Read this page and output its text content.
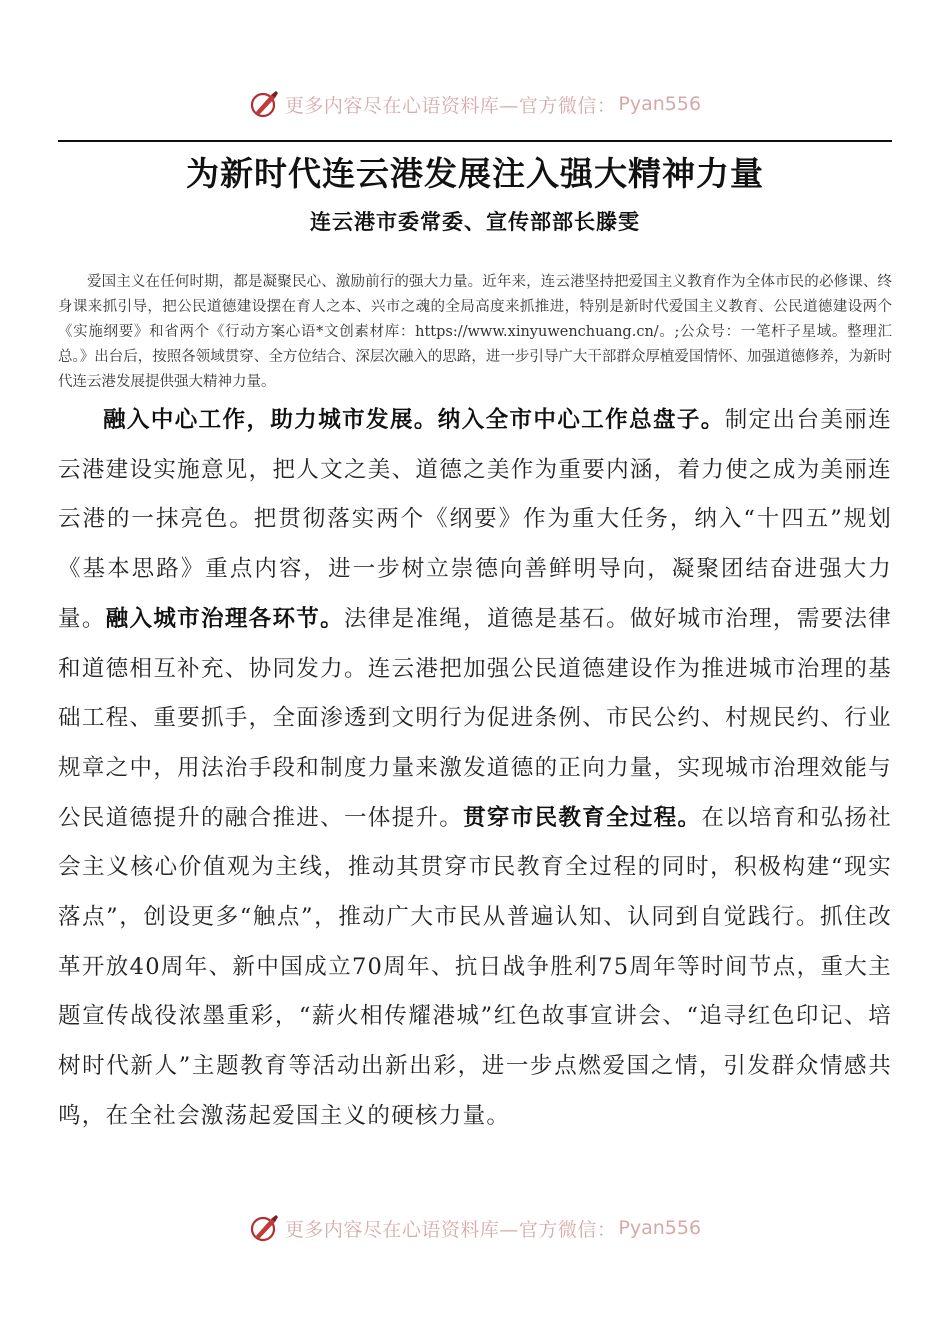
更多内容尽在心语资料库—官方微信： Pyan556
为新时代连云港发展注入强大精神力量
连云港市委常委、宣传部部长滕雯

爱国主义在任何时期，都是凝聚民心、激励前行的强大力量。近年来，连云港坚持把爱国主义教育作为全体市民的必修课、终身课来抓引导，把公民道德建设摆在育人之本、兴市之魂的全局高度来抓推进，特别是新时代爱国主义教育、公民道德建设两个《实施纲要》和省两个《行动方案心语*文创素材库：https://www.xinyuwenchuang.cn/。;公众号：一笔杆子星域。整理汇总。》出台后，按照各领域贯穿、全方位结合、深层次融入的思路，进一步引导广大干部群众厚植爱国情怀、加强道德修养，为新时代连云港发展提供强大精神力量。

融入中心工作，助力城市发展。纳入全市中心工作总盘子。制定出台美丽连云港建设实施意见，把人文之美、道德之美作为重要内涵，着力使之成为美丽连云港的一抹亮色。把贯彻落实两个《纲要》作为重大任务，纳入“十四五”规划《基本思路》重点内容，进一步树立崇德向善鲜明导向，凝聚团结奋进强大力量。融入城市治理各环节。法律是准绳，道德是基石。做好城市治理，需要法律和道德相互补充、协同发力。连云港把加强公民道德建设作为推进城市治理的基础工程、重要抓手，全面渗透到文明行为促进条例、市民公约、村规民约、行业规章之中，用法治手段和制度力量来激发道德的正向力量，实现城市治理效能与公民道德提升的融合推进、一体提升。贯穿市民教育全过程。在以培育和弘扬社会主义核心价值观为主线，推动其贯穿市民教育全过程的同时，积极构建“现实落点”，创设更多“触点”，推动广大市民从普遍认知、认同到自觉践行。抓住改革开放40周年、新中国成立70周年、抗日战争胜利75周年等时间节点，重大主题宣传战役浓墨重彩，“薪火相传耀港城”红色故事宣讲会、“追寻红色印记、培树时代新人”主题教育等活动出新出彩，进一步点燃爱国之情，引发群众情感共鸣，在全社会激荡起爱国主义的硬核力量。

更多内容尽在心语资料库—官方微信： Pyan556
